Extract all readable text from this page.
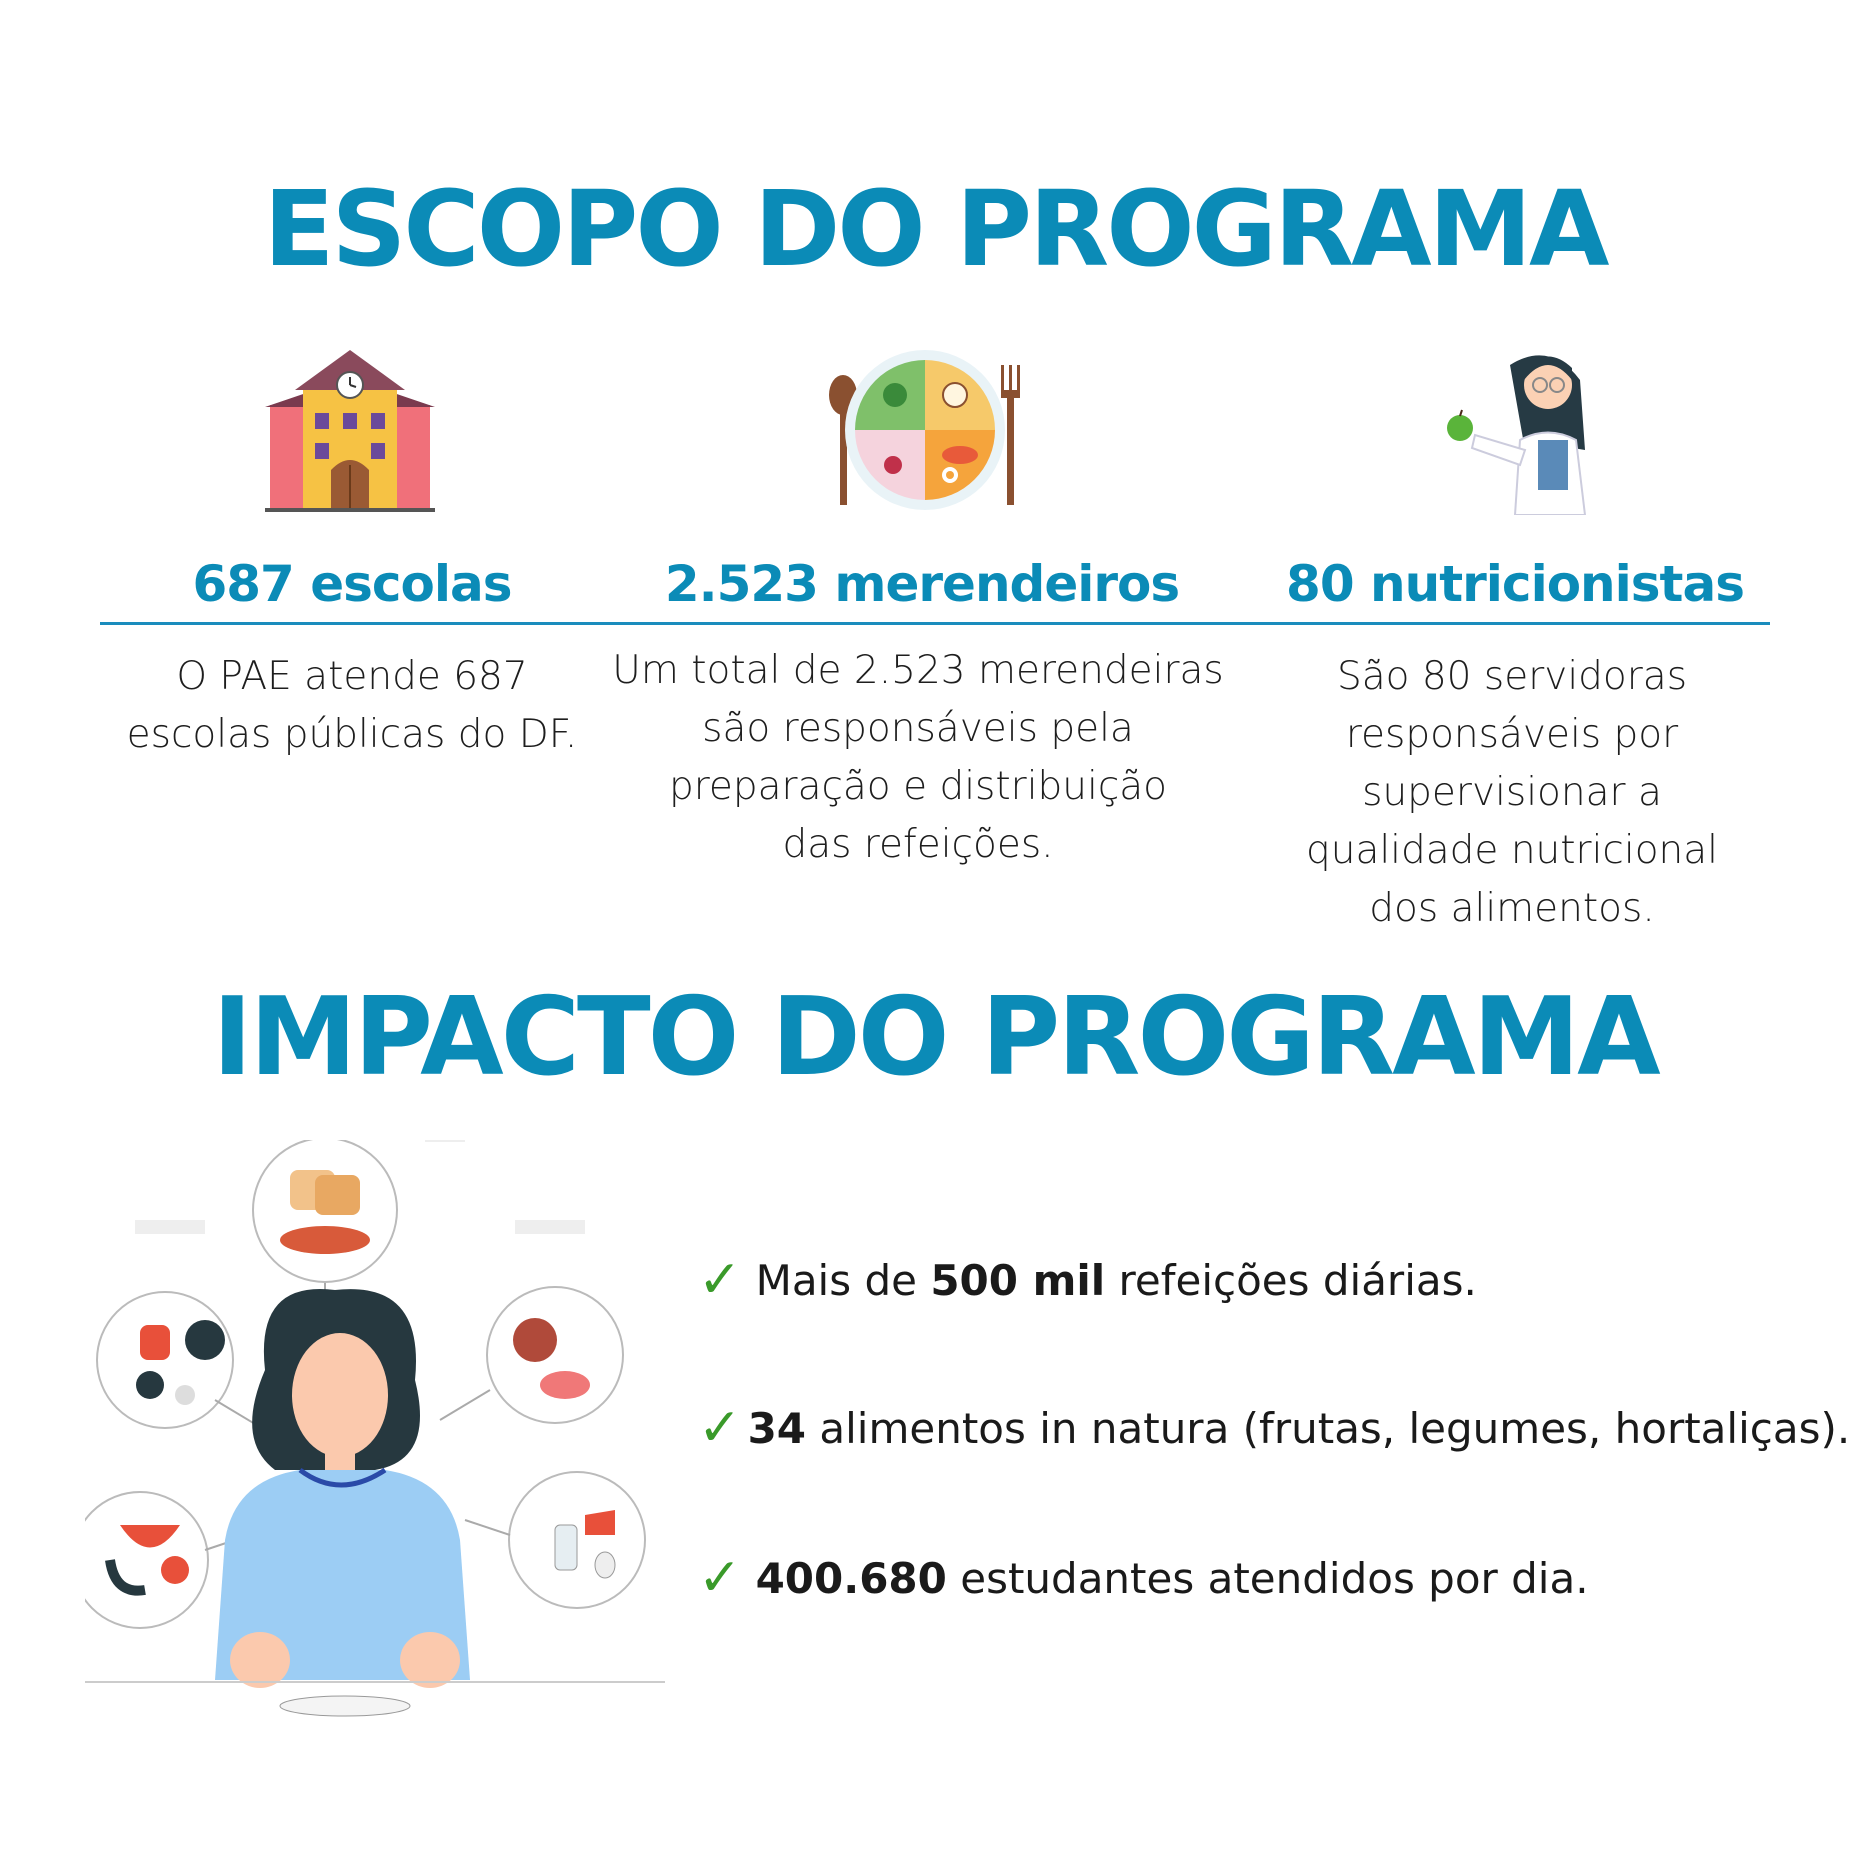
ESCOPO DO PROGRAMA
687 escolas	2.523 merendeiros	80 nutricionistas
O PAE atende 687
escolas públicas do DF.
Um total de 2.523 merendeiras
são responsáveis pela
preparação e distribuição
das refeições.
São 80 servidoras
responsáveis por
supervisionar a
qualidade nutricional
dos alimentos.
IMPACTO DO PROGRAMA
✓ Mais de 500 mil refeições diárias.
✓ 34 alimentos in natura (frutas, legumes, hortaliças).
✓ 400.680 estudantes atendidos por dia.
